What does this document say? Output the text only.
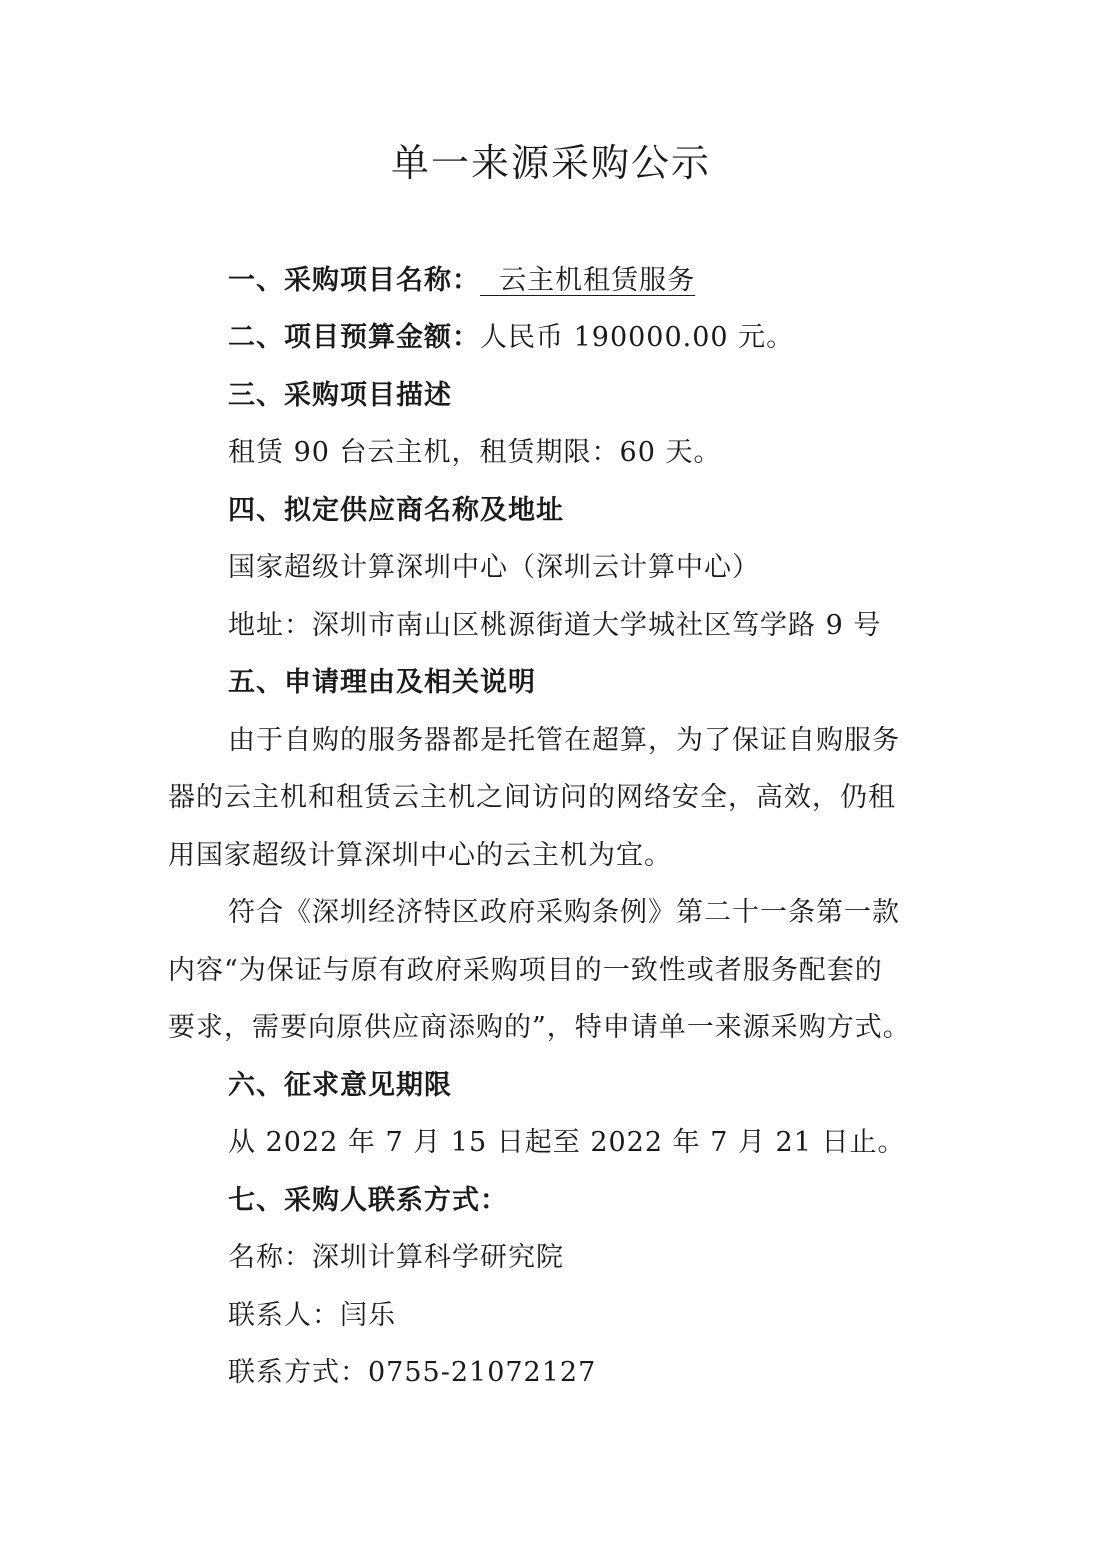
单一来源采购公示
一、采购项目名称：  云主机租赁服务
二、项目预算金额：人民币 190000.00 元。
三、采购项目描述
租赁 90 台云主机，租赁期限：60 天。
四、拟定供应商名称及地址
国家超级计算深圳中心（深圳云计算中心）
地址：深圳市南山区桃源街道大学城社区笃学路 9 号
五、申请理由及相关说明
由于自购的服务器都是托管在超算，为了保证自购服务
器的云主机和租赁云主机之间访问的网络安全，高效，仍租
用国家超级计算深圳中心的云主机为宜。
符合《深圳经济特区政府采购条例》第二十一条第一款
内容“为保证与原有政府采购项目的一致性或者服务配套的
要求，需要向原供应商添购的”，特申请单一来源采购方式。
六、征求意见期限
从 2022 年 7 月 15 日起至 2022 年 7 月 21 日止。
七、采购人联系方式：
名称：深圳计算科学研究院
联系人：闫乐
联系方式：0755-21072127
